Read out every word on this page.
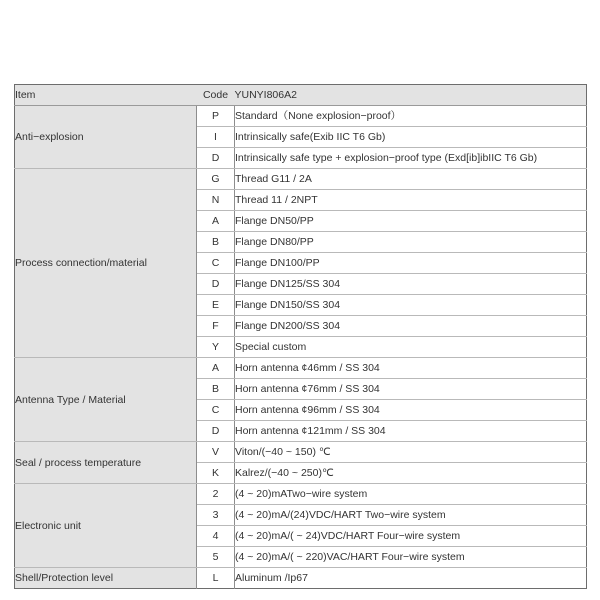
Item	Code	YUNYI806A2
Anti−explosion	P	Standard（None explosion−proof）
	I	Intrinsically safe(Exib IIC T6 Gb)
	D	Intrinsically safe type + explosion−proof type (Exd[ib]ibIIC T6 Gb)
Process connection/material	G	Thread G11 / 2A
	N	Thread 11 / 2NPT
	A	Flange DN50/PP
	B	Flange DN80/PP
	C	Flange DN100/PP
	D	Flange DN125/SS 304
	E	Flange DN150/SS 304
	F	Flange DN200/SS 304
	Y	Special custom
Antenna Type / Material	A	Horn antenna ¢46mm / SS 304
	B	Horn antenna ¢76mm / SS 304
	C	Horn antenna ¢96mm / SS 304
	D	Horn antenna ¢121mm / SS 304
Seal / process temperature	V	Viton/(−40 ~ 150) ℃
	K	Kalrez/(−40 ~ 250)℃
Electronic unit	2	(4 ~ 20)mATwo−wire system
	3	(4 ~ 20)mA/(24)VDC/HART Two−wire system
	4	(4 ~ 20)mA/( ~ 24)VDC/HART Four−wire system
	5	(4 ~ 20)mA/( ~ 220)VAC/HART Four−wire system
Shell/Protection level	L	Aluminum /Ip67
